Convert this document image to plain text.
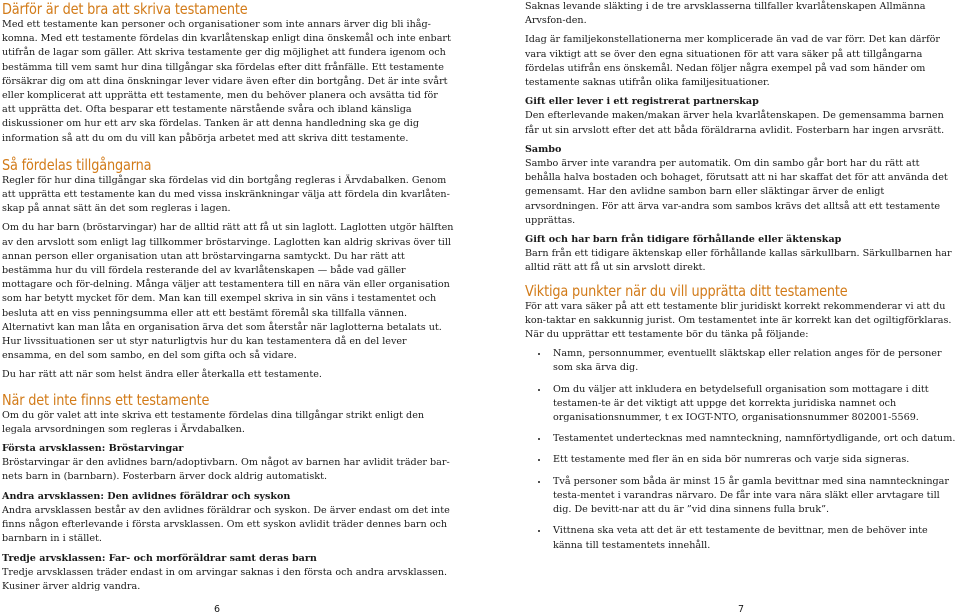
Därför är det bra att skriva testamente

Med ett testamente kan personer och organisationer som inte annars ärver dig bli ihåg-komna. Med ett testamente fördelas din kvarlåtenskap enligt dina önskemål och inte enbart utifrån de lagar som gäller. Att skriva testamente ger dig möjlighet att fundera igenom och bestämma till vem samt hur dina tillgångar ska fördelas efter ditt frånfälle. Ett testamente försäkrar dig om att dina önskningar lever vidare även efter din bortgång. Det är inte svårt eller komplicerat att upprätta ett testamente, men du behöver planera och avsätta tid för att upprätta det. Ofta besparar ett testamente närstående svåra och ibland känsliga diskussioner om hur ett arv ska fördelas. Tanken är att denna handledning ska ge dig information så att du om du vill kan påbörja arbetet med att skriva ditt testamente.

Så fördelas tillgångarna

Regler för hur dina tillgångar ska fördelas vid din bortgång regleras i Ärvdabalken. Genom att upprätta ett testamente kan du med vissa inskränkningar välja att fördela din kvarlåten-skap på annat sätt än det som regleras i lagen.

Om du har barn (bröstarvingar) har de alltid rätt att få ut sin laglott. Laglotten utgör hälften av den arvslott som enligt lag tillkommer bröstarvinge. Laglotten kan aldrig skrivas över till annan person eller organisation utan att bröstarvingarna samtyckt. Du har rätt att bestämma hur du vill fördela resterande del av kvarlåtenskapen — både vad gäller mottagare och för-delning. Många väljer att testamentera till en nära vän eller organisation som har betytt mycket för dem. Man kan till exempel skriva in sin väns i testamentet och besluta att en viss penningsumma eller att ett bestämt föremål ska tillfalla vännen. Alternativt kan man låta en organisation ärva det som återstår när laglotterna betalats ut. Hur livssituationen ser ut styr naturligtvis hur du kan testamentera då en del lever ensamma, en del som sambo, en del som gifta och så vidare.

Du har rätt att när som helst ändra eller återkalla ett testamente.

När det inte finns ett testamente

Om du gör valet att inte skriva ett testamente fördelas dina tillgångar strikt enligt den legala arvsordningen som regleras i Ärvdabalken.

Första arvsklassen: Bröstarvingar

Bröstarvingar är den avlidnes barn/adoptivbarn. Om något av barnen har avlidit träder bar-nets barn in (barnbarn). Fosterbarn ärver dock aldrig automatiskt.

Andra arvsklassen: Den avlidnes föräldrar och syskon

Andra arvsklassen består av den avlidnes föräldrar och syskon. De ärver endast om det inte finns någon efterlevande i första arvsklassen. Om ett syskon avlidit träder dennes barn och barnbarn in i stället.

Tredje arvsklassen: Far- och morföräldrar samt deras barn

Tredje arvsklassen träder endast in om arvingar saknas i den första och andra arvsklassen. Kusiner ärver aldrig vandra.

Saknas levande släkting i de tre arvsklasserna tillfaller kvarlåtenskapen Allmänna Arvsfon-den.

Idag är familjekonstellationerna mer komplicerade än vad de var förr. Det kan därför vara viktigt att se över den egna situationen för att vara säker på att tillgångarna fördelas utifrån ens önskemål. Nedan följer några exempel på vad som händer om testamente saknas utifrån olika familjesituationer.

Gift eller lever i ett registrerat partnerskap

Den efterlevande maken/makan ärver hela kvarlåtenskapen. De gemensamma barnen får ut sin arvslott efter det att båda föräldrarna avlidit. Fosterbarn har ingen arvsrätt.

Sambo

Sambo ärver inte varandra per automatik. Om din sambo går bort har du rätt att behålla halva bostaden och bohaget, förutsatt att ni har skaffat det för att använda det gemensamt. Har den avlidne sambon barn eller släktingar ärver de enligt arvsordningen. För att ärva var-andra som sambos krävs det alltså att ett testamente upprättas.

Gift och har barn från tidigare förhållande eller äktenskap

Barn från ett tidigare äktenskap eller förhållande kallas särkullbarn. Särkullbarnen har alltid rätt att få ut sin arvslott direkt.

Viktiga punkter när du vill upprätta ditt testamente

För att vara säker på att ett testamente blir juridiskt korrekt rekommenderar vi att du kon-taktar en sakkunnig jurist. Om testamentet inte är korrekt kan det ogiltigförklaras. När du upprättar ett testamente bör du tänka på följande:

• Namn, personnummer, eventuellt släktskap eller relation anges för de personer som ska ärva dig.
• Om du väljer att inkludera en betydelsefull organisation som mottagare i ditt testamen-te är det viktigt att uppge det korrekta juridiska namnet och organisationsnummer, t ex IOGT-NTO, organisationsnummer 802001-5569.
• Testamentet undertecknas med namnteckning, namnförtydligande, ort och datum.
• Ett testamente med fler än en sida bör numreras och varje sida signeras.
• Två personer som båda är minst 15 år gamla bevittnar med sina namnteckningar testa-mentet i varandras närvaro. De får inte vara nära släkt eller arvtagare till dig. De bevitt-nar att du är ”vid dina sinnens fulla bruk”.
• Vittnena ska veta att det är ett testamente de bevittnar, men de behöver inte känna till testamentets innehåll.
6	7
